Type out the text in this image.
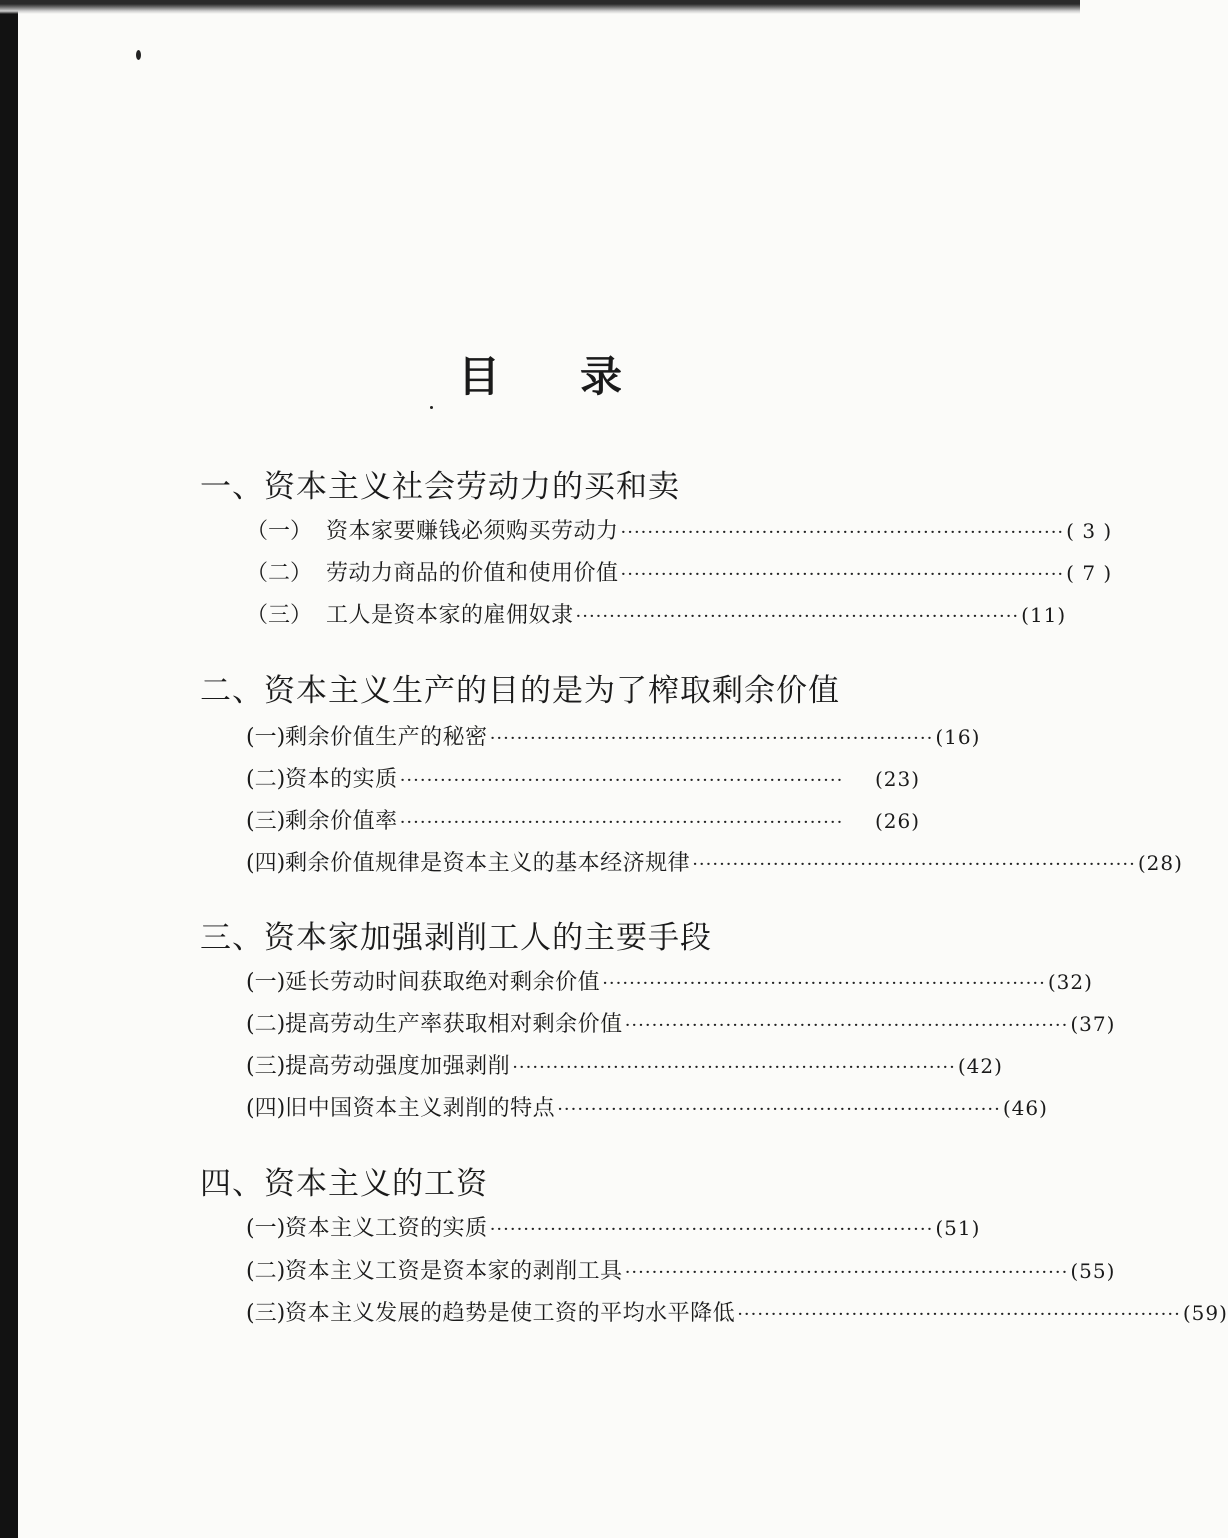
目 录
一、资本主义社会劳动力的买和卖
（一） 资本家要赚钱必须购买劳动力 ·································································· ( 3 )
（二） 劳动力商品的价值和使用价值 ·································································· ( 7 )
（三） 工人是资本家的雇佣奴隶 ·································································· (11)
二、资本主义生产的目的是为了榨取剩余价值
(一) 剩余价值生产的秘密 ·································································· (16)
(二) 资本的实质 ··································································	(23)
(三) 剩余价值率 ··································································	(26)
(四) 剩余价值规律是资本主义的基本经济规律 ·································································· (28)
三、资本家加强剥削工人的主要手段
(一) 延长劳动时间获取绝对剩余价值 ·································································· (32)
(二) 提高劳动生产率获取相对剩余价值 ·································································· (37)
(三) 提高劳动强度加强剥削 ·································································· (42)
(四) 旧中国资本主义剥削的特点 ·································································· (46)
四、资本主义的工资
(一) 资本主义工资的实质 ·································································· (51)
(二) 资本主义工资是资本家的剥削工具 ·································································· (55)
(三) 资本主义发展的趋势是使工资的平均水平降低 ·································································· (59)
